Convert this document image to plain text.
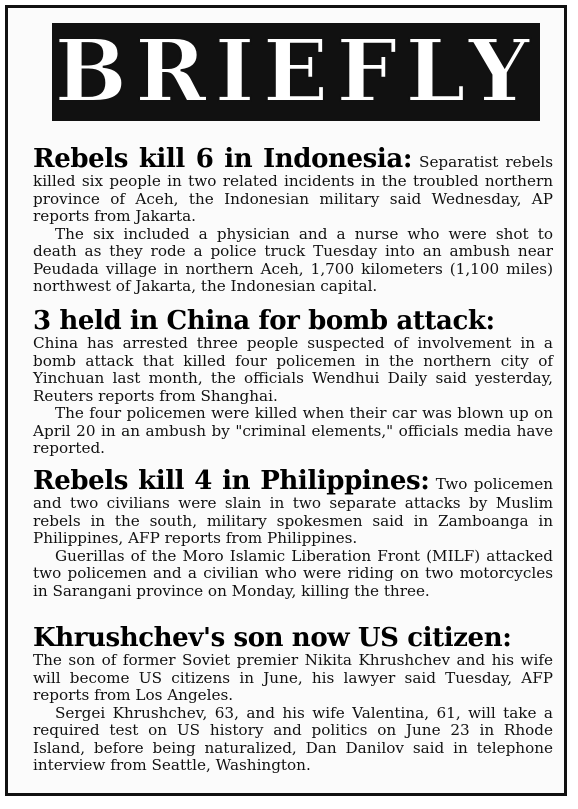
BRIEFLY

Rebels kill 6 in Indonesia: Separatist rebels killed six people in two related incidents in the troubled northern province of Aceh, the Indonesian military said Wednesday, AP reports from Jakarta.

The six included a physician and a nurse who were shot to death as they rode a police truck Tuesday into an ambush near Peudada village in northern Aceh, 1,700 kilometers (1,100 miles) northwest of Jakarta, the Indonesian capital.

3 held in China for bomb attack:

China has arrested three people suspected of involvement in a bomb attack that killed four policemen in the northern city of Yinchuan last month, the officials Wendhui Daily said yesterday, Reuters reports from Shanghai.

The four policemen were killed when their car was blown up on April 20 in an ambush by "criminal elements," officials media have reported.

Rebels kill 4 in Philippines: Two policemen and two civilians were slain in two separate attacks by Muslim rebels in the south, military spokesmen said in Zamboanga in Philippines, AFP reports from Philippines.

Guerillas of the Moro Islamic Liberation Front (MILF) attacked two policemen and a civilian who were riding on two motorcycles in Sarangani province on Monday, killing the three.

Khrushchev's son now US citizen:

The son of former Soviet premier Nikita Khrushchev and his wife will become US citizens in June, his lawyer said Tuesday, AFP reports from Los Angeles.

Sergei Khrushchev, 63, and his wife Valentina, 61, will take a required test on US history and politics on June 23 in Rhode Island, before being naturalized, Dan Danilov said in telephone interview from Seattle, Washington.
